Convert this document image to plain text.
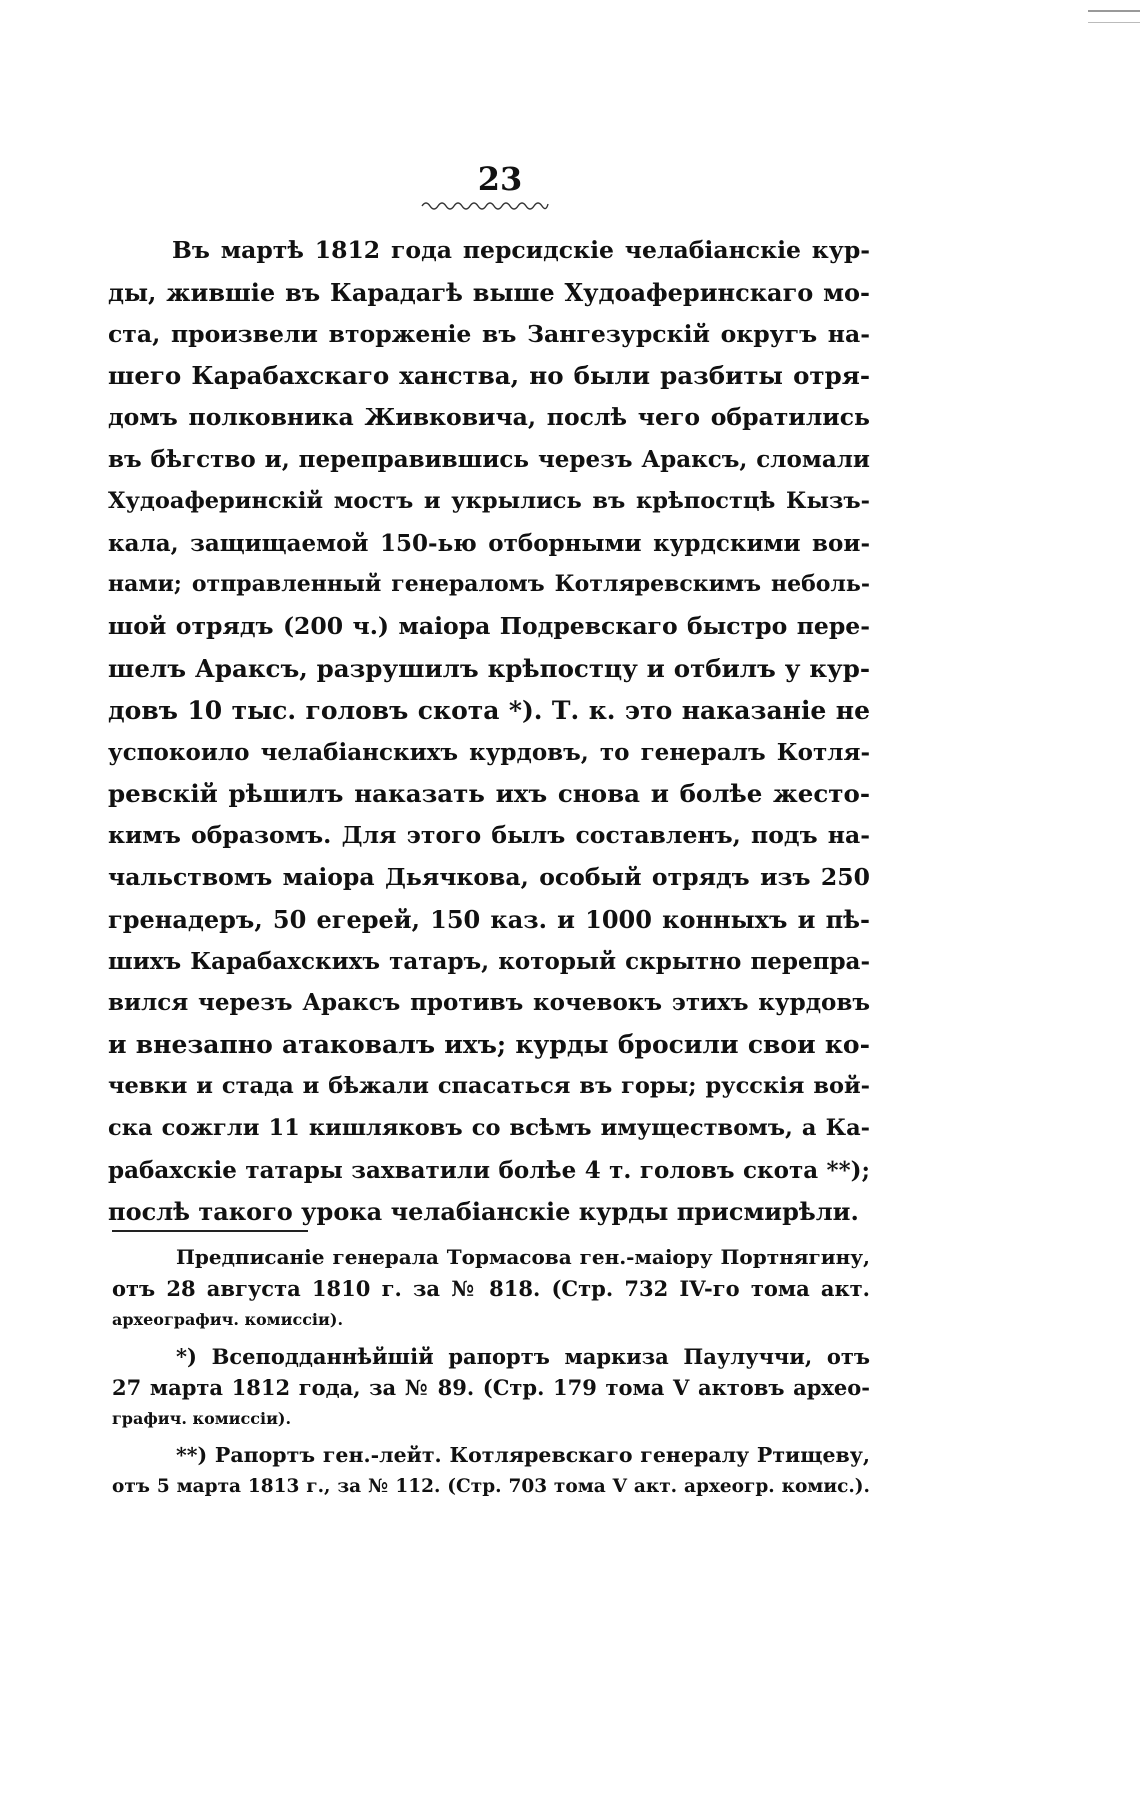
23
Въ мартѣ 1812 года персидскіе челабіанскіе кур-
ды, жившіе въ Карадагѣ выше Худоаферинскаго мо-
ста, произвели вторженіе въ Зангезурскій округъ на-
шего Карабахскаго ханства, но были разбиты отря-
домъ полковника Живковича, послѣ чего обратились
въ бѣгство и, переправившись черезъ Араксъ, сломали
Худоаферинскій мостъ и укрылись въ крѣпостцѣ Кызъ-
кала, защищаемой 150-ью отборными курдскими вои-
нами; отправленный генераломъ Котляревскимъ неболь-
шой отрядъ (200 ч.) маіора Подревскаго быстро пере-
шелъ Араксъ, разрушилъ крѣпостцу и отбилъ у кур-
довъ 10 тыс. головъ скота *). Т. к. это наказаніе не
успокоило челабіанскихъ курдовъ, то генералъ Котля-
ревскій рѣшилъ наказать ихъ снова и болѣе жесто-
кимъ образомъ. Для этого былъ составленъ, подъ на-
чальствомъ маіора Дьячкова, особый отрядъ изъ 250
гренадеръ, 50 егерей, 150 каз. и 1000 конныхъ и пѣ-
шихъ Карабахскихъ татаръ, который скрытно перепра-
вился черезъ Араксъ противъ кочевокъ этихъ курдовъ
и внезапно атаковалъ ихъ; курды бросили свои ко-
чевки и стада и бѣжали спасаться въ горы; русскія вой-
ска сожгли 11 кишляковъ со всѣмъ имуществомъ, а Ка-
рабахскіе татары захватили болѣе 4 т. головъ скота **);
послѣ такого урока челабіанскіе курды присмирѣли.
Предписаніе генерала Тормасова ген.-маіору Портнягину,
отъ 28 августа 1810 г. за № 818. (Стр. 732 IV-го тома акт.
археографич. комиссіи).
*) Всеподданнѣйшій рапортъ маркиза Паулуччи, отъ
27 марта 1812 года, за № 89. (Стр. 179 тома V актовъ архео-
графич. комиссіи).
**) Рапортъ ген.-лейт. Котляревскаго генералу Ртищеву,
отъ 5 марта 1813 г., за № 112. (Стр. 703 тома V акт. археогр. комис.).
